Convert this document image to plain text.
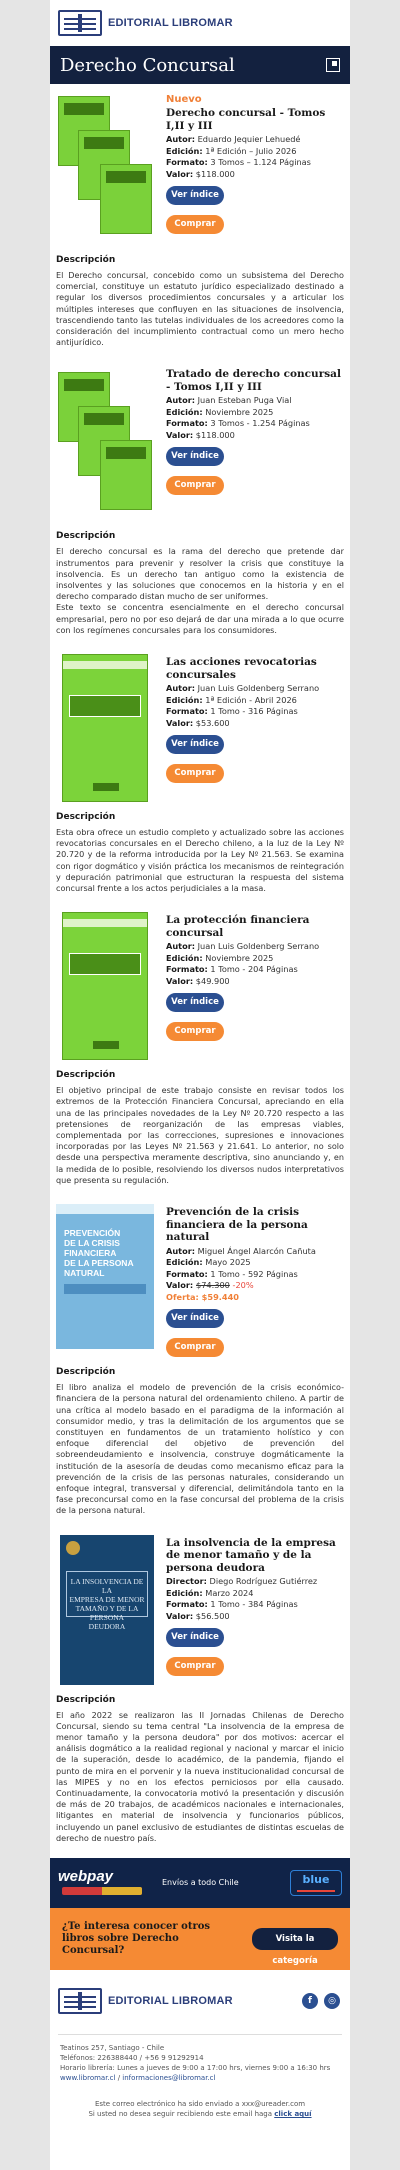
EDITORIAL LIBROMAR
Derecho Concursal
Nuevo
Derecho concursal - Tomos I,II y III
Autor: Eduardo Jequier Lehuedé
Edición: 1ª Edición – Julio 2026
Formato: 3 Tomos – 1.124 Páginas
Valor: $118.000
Ver índice
Comprar
Descripción
El Derecho concursal, concebido como un subsistema del Derecho comercial, constituye un estatuto jurídico especializado destinado a regular los diversos procedimientos concursales y a articular los múltiples intereses que confluyen en las situaciones de insolvencia, trascendiendo tanto las tutelas individuales de los acreedores como la consideración del incumplimiento contractual como un mero hecho antijurídico.
Tratado de derecho concursal - Tomos I,II y III
Autor: Juan Esteban Puga Vial
Edición: Noviembre 2025
Formato: 3 Tomos - 1.254 Páginas
Valor: $118.000
Ver índice
Comprar
Descripción
El derecho concursal es la rama del derecho que pretende dar instrumentos para prevenir y resolver la crisis que constituye la insolvencia. Es un derecho tan antiguo como la existencia de insolventes y las soluciones que conocemos en la historia y en el derecho comparado distan mucho de ser uniformes.
Este texto se concentra esencialmente en el derecho concursal empresarial, pero no por eso dejará de dar una mirada a lo que ocurre con los regímenes concursales para los consumidores.
Las acciones revocatorias concursales
Autor: Juan Luis Goldenberg Serrano
Edición: 1ª Edición - Abril 2026
Formato: 1 Tomo - 316 Páginas
Valor: $53.600
Ver índice
Comprar
Descripción
Esta obra ofrece un estudio completo y actualizado sobre las acciones revocatorias concursales en el Derecho chileno, a la luz de la Ley Nº 20.720 y de la reforma introducida por la Ley Nº 21.563. Se examina con rigor dogmático y visión práctica los mecanismos de reintegración y depuración patrimonial que estructuran la respuesta del sistema concursal frente a los actos perjudiciales a la masa.
La protección financiera concursal
Autor: Juan Luis Goldenberg Serrano
Edición: Noviembre 2025
Formato: 1 Tomo - 204 Páginas
Valor: $49.900
Ver índice
Comprar
Descripción
El objetivo principal de este trabajo consiste en revisar todos los extremos de la Protección Financiera Concursal, apreciando en ella una de las principales novedades de la Ley Nº 20.720 respecto a las pretensiones de reorganización de las empresas viables, complementada por las correcciones, supresiones e innovaciones incorporadas por las Leyes Nº 21.563 y 21.641. Lo anterior, no solo desde una perspectiva meramente descriptiva, sino anunciando y, en la medida de lo posible, resolviendo los diversos nudos interpretativos que presenta su regulación.
PREVENCIÓN
DE LA CRISIS
FINANCIERA
DE LA PERSONA
NATURAL
Prevención de la crisis financiera de la persona natural
Autor: Miguel Ángel Alarcón Cañuta
Edición: Mayo 2025
Formato: 1 Tomo - 592 Páginas
Valor: $74.300 -20%
Oferta: $59.440
Ver índice
Comprar
Descripción
El libro analiza el modelo de prevención de la crisis económico-financiera de la persona natural del ordenamiento chileno. A partir de una crítica al modelo basado en el paradigma de la información al consumidor medio, y tras la delimitación de los argumentos que se constituyen en fundamentos de un tratamiento holístico y con enfoque diferencial del objetivo de prevención del sobreendeudamiento e insolvencia, construye dogmáticamente la institución de la asesoría de deudas como mecanismo eficaz para la prevención de la crisis de las personas naturales, considerando un enfoque integral, transversal y diferencial, delimitándola tanto en la fase preconcursal como en la fase concursal del problema de la crisis de la persona natural.
LA INSOLVENCIA DE LA
EMPRESA DE MENOR
TAMAÑO Y DE LA PERSONA
DEUDORA
La insolvencia de la empresa de menor tamaño y de la persona deudora
Director: Diego Rodríguez Gutiérrez
Edición: Marzo 2024
Formato: 1 Tomo - 384 Páginas
Valor: $56.500
Ver índice
Comprar
Descripción
El año 2022 se realizaron las II Jornadas Chilenas de Derecho Concursal, siendo su tema central "La insolvencia de la empresa de menor tamaño y la persona deudora" por dos motivos: acercar el análisis dogmático a la realidad regional y nacional y marcar el inicio de la superación, desde lo académico, de la pandemia, fijando el punto de mira en el porvenir y la nueva institucionalidad concursal de las MIPES y no en los efectos perniciosos por ella causado. Continuadamente, la convocatoria motivó la presentación y discusión de más de 20 trabajos, de académicos nacionales e internacionales, litigantes en material de insolvencia y funcionarios públicos, incluyendo un panel exclusivo de estudiantes de distintas escuelas de derecho de nuestro país.
webpay	Envíos a todo Chile	blue
¿Te interesa conocer otros libros sobre Derecho Concursal?
Visita la categoría
EDITORIAL LIBROMAR	f	◎
Teatinos 257, Santiago - Chile
Teléfonos: 226388440 / +56 9 91292914
Horario librería: Lunes a jueves de 9:00 a 17:00 hrs, viernes 9:00 a 16:30 hrs
www.libromar.cl / informaciones@libromar.cl
Este correo electrónico ha sido enviado a xxx@ureader.com
Si usted no desea seguir recibiendo este email haga click aquí
